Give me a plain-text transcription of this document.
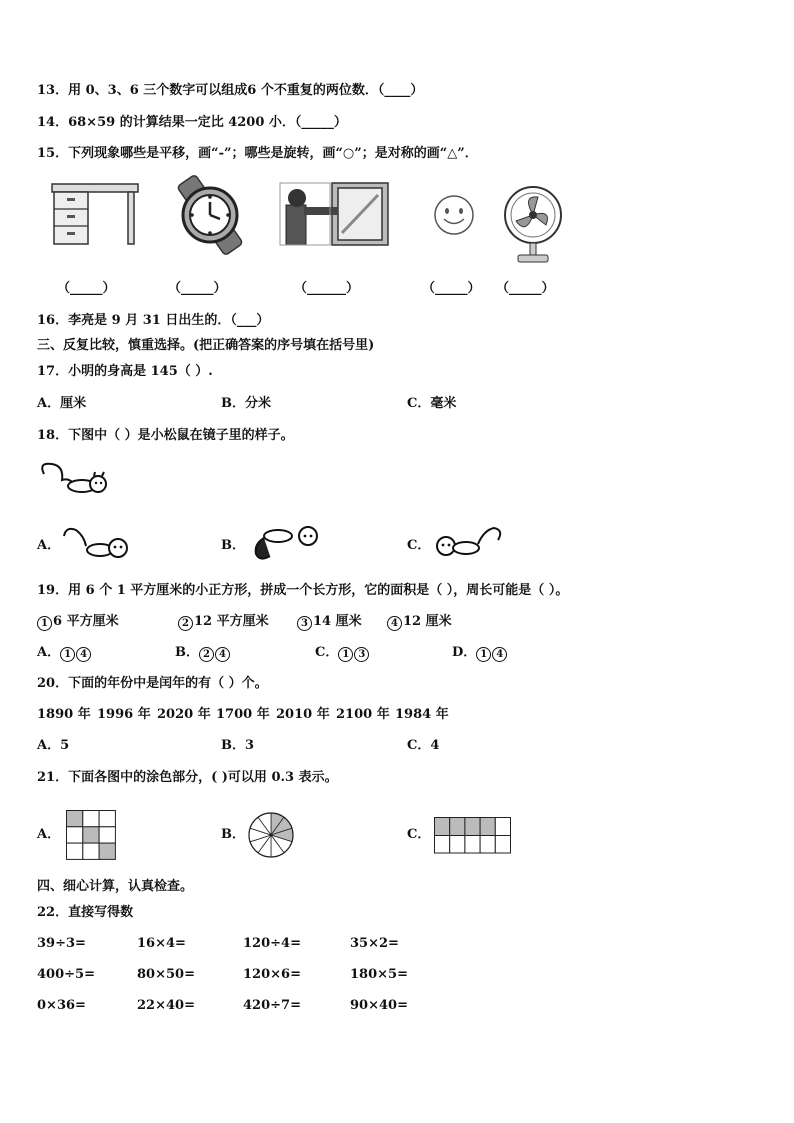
13．用 0、3、6 三个数字可以组成6 个不重复的两位数．（____）
14．68×59 的计算结果一定比 4200 小．（_____）
15．下列现象哪些是平移，画“-”；哪些是旋转，画“○”；是对称的画“△”．
（_____）	（_____）	（______）	（_____） （_____）
16．李亮是 9 月 31 日出生的．（___）
三、反复比较，慎重选择。(把正确答案的序号填在括号里)
17．小明的身高是 145（ ）.
A．厘米	B．分米	C．毫米
18．下图中（ ）是小松鼠在镜子里的样子。
A．	B．	C．
19．用 6 个 1 平方厘米的小正方形，拼成一个长方形，它的面积是（ ），周长可能是（ ）。
1 6 平方厘米	2 12 平方厘米	3 14 厘米	4 12 厘米
A． 1 4	B． 2 4	C． 1 3	D． 1 4
20．下面的年份中是闰年的有（ ）个。
1890 年 1996 年 2020 年 1700 年 2010 年 2100 年 1984 年
A．5	B．3	C．4
21．下面各图中的涂色部分，( )可以用 0.3 表示。
A．	B．	C．
四、细心计算，认真检查。
22．直接写得数
39÷3=	16×4=	120÷4=	35×2=
400÷5=	80×50=	120×6=	180×5=
0×36=	22×40=	420÷7=	90×40=
